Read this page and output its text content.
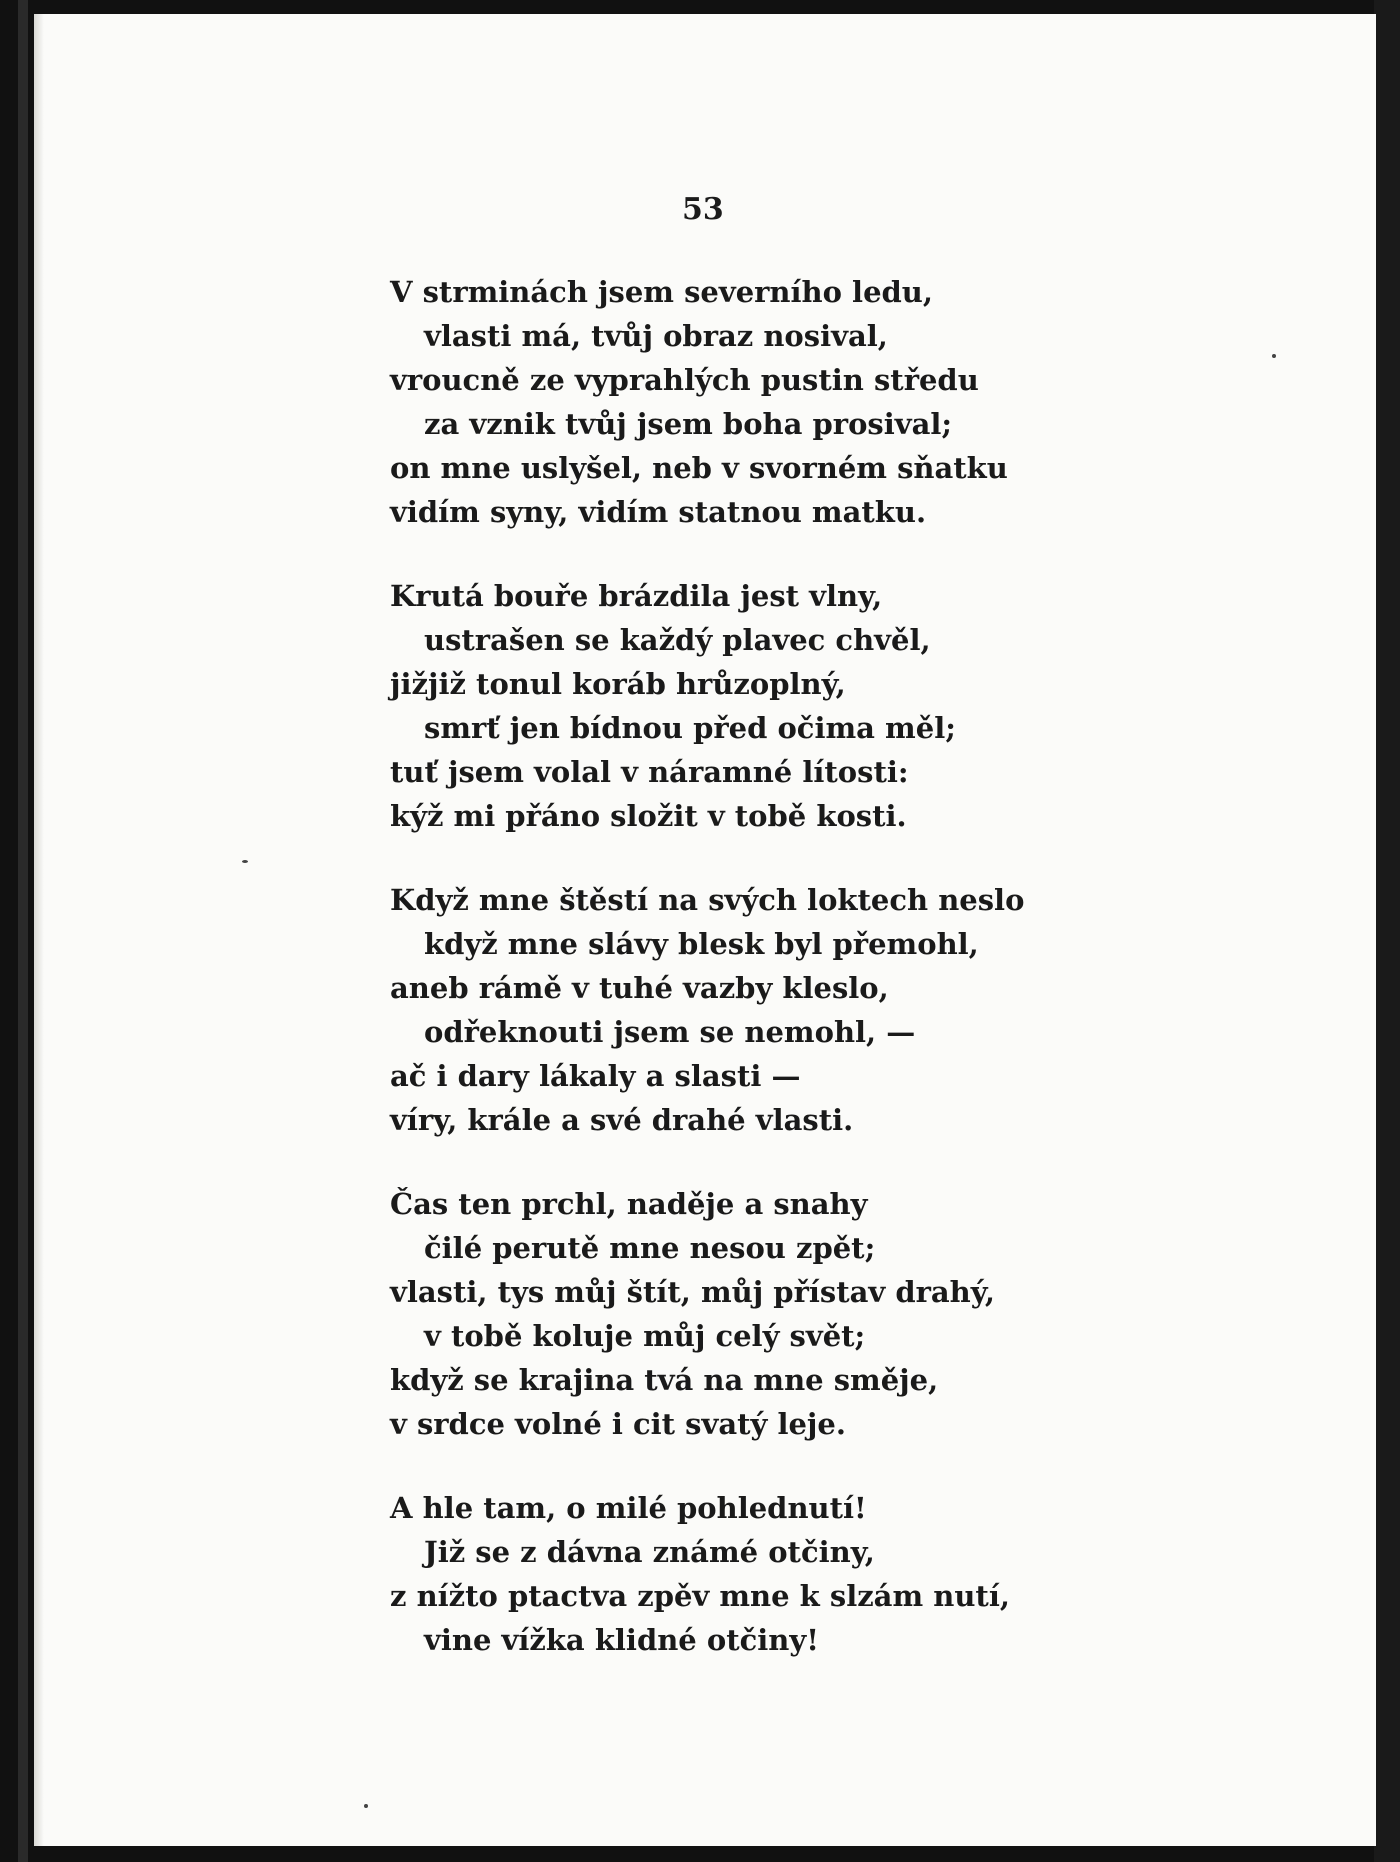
53
V strminách jsem severního ledu,
vlasti má, tvůj obraz nosival,
vroucně ze vyprahlých pustin středu
za vznik tvůj jsem boha prosival;
on mne uslyšel, neb v svorném sňatku
vidím syny, vidím statnou matku.
Krutá bouře brázdila jest vlny,
ustrašen se každý plavec chvěl,
jižjiž tonul koráb hrůzoplný,
smrť jen bídnou před očima měl;
tuť jsem volal v náramné lítosti:
kýž mi přáno složit v tobě kosti.
Když mne štěstí na svých loktech neslo
když mne slávy blesk byl přemohl,
aneb rámě v tuhé vazby kleslo,
odřeknouti jsem se nemohl, —
ač i dary lákaly a slasti —
víry, krále a své drahé vlasti.
Čas ten prchl, naděje a snahy
čilé perutě mne nesou zpět;
vlasti, tys můj štít, můj přístav drahý,
v tobě koluje můj celý svět;
když se krajina tvá na mne směje,
v srdce volné i cit svatý leje.
A hle tam, o milé pohlednutí!
Již se z dávna známé otčiny,
z nížto ptactva zpěv mne k slzám nutí,
vine vížka klidné otčiny!
